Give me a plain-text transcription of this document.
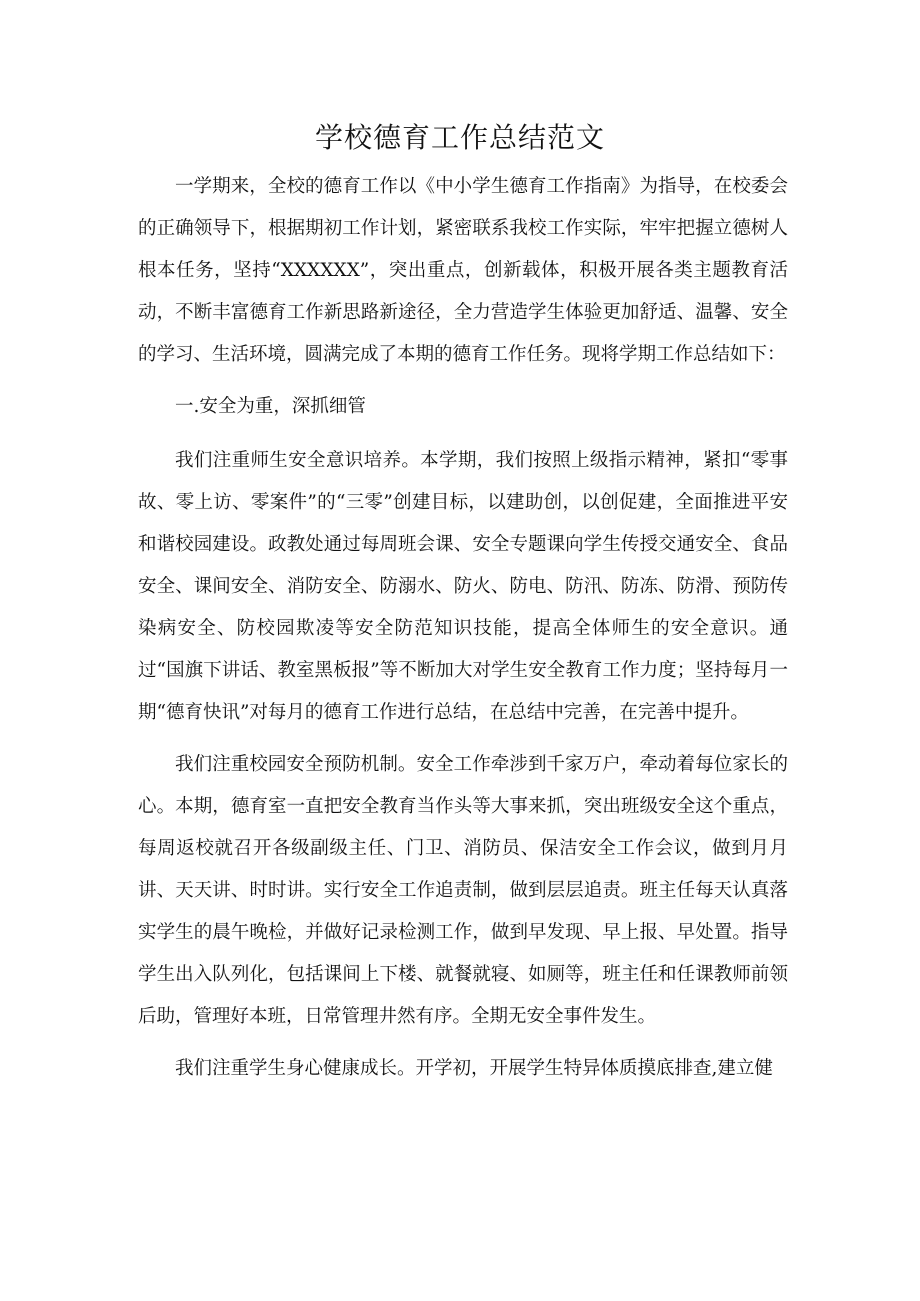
学校德育工作总结范文

一学期来，全校的德育工作以《中小学生德育工作指南》为指导，在校委会的正确领导下，根据期初工作计划，紧密联系我校工作实际，牢牢把握立德树人根本任务，坚持“XXXXXX”，突出重点，创新载体，积极开展各类主题教育活动，不断丰富德育工作新思路新途径，全力营造学生体验更加舒适、温馨、安全的学习、生活环境，圆满完成了本期的德育工作任务。现将学期工作总结如下：

一.安全为重，深抓细管

我们注重师生安全意识培养。本学期，我们按照上级指示精神，紧扣“零事故、零上访、零案件”的“三零”创建目标，以建助创，以创促建，全面推进平安和谐校园建设。政教处通过每周班会课、安全专题课向学生传授交通安全、食品安全、课间安全、消防安全、防溺水、防火、防电、防汛、防冻、防滑、预防传染病安全、防校园欺凌等安全防范知识技能，提高全体师生的安全意识。通过“国旗下讲话、教室黑板报”等不断加大对学生安全教育工作力度；坚持每月一期“德育快讯”对每月的德育工作进行总结，在总结中完善，在完善中提升。

我们注重校园安全预防机制。安全工作牵涉到千家万户，牵动着每位家长的心。本期，德育室一直把安全教育当作头等大事来抓，突出班级安全这个重点，每周返校就召开各级副级主任、门卫、消防员、保洁安全工作会议，做到月月讲、天天讲、时时讲。实行安全工作追责制，做到层层追责。班主任每天认真落实学生的晨午晚检，并做好记录检测工作，做到早发现、早上报、早处置。指导学生出入队列化，包括课间上下楼、就餐就寝、如厕等，班主任和任课教师前领后助，管理好本班，日常管理井然有序。全期无安全事件发生。

我们注重学生身心健康成长。开学初，开展学生特异体质摸底排查,建立健
